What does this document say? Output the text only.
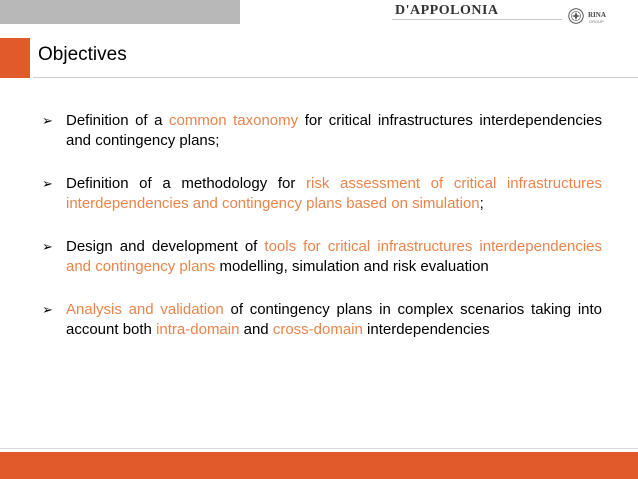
D'APPOLONIA	RINA
GROUP
Objectives
➢ Definition of a common taxonomy for critical infrastructures interdependencies and contingency plans;
➢ Definition of a methodology for risk assessment of critical infrastructures interdependencies and contingency plans based on simulation;
➢ Design and development of tools for critical infrastructures interdependencies and contingency plans modelling, simulation and risk evaluation
➢ Analysis and validation of contingency plans in complex scenarios taking into account both intra-domain and cross-domain interdependencies
